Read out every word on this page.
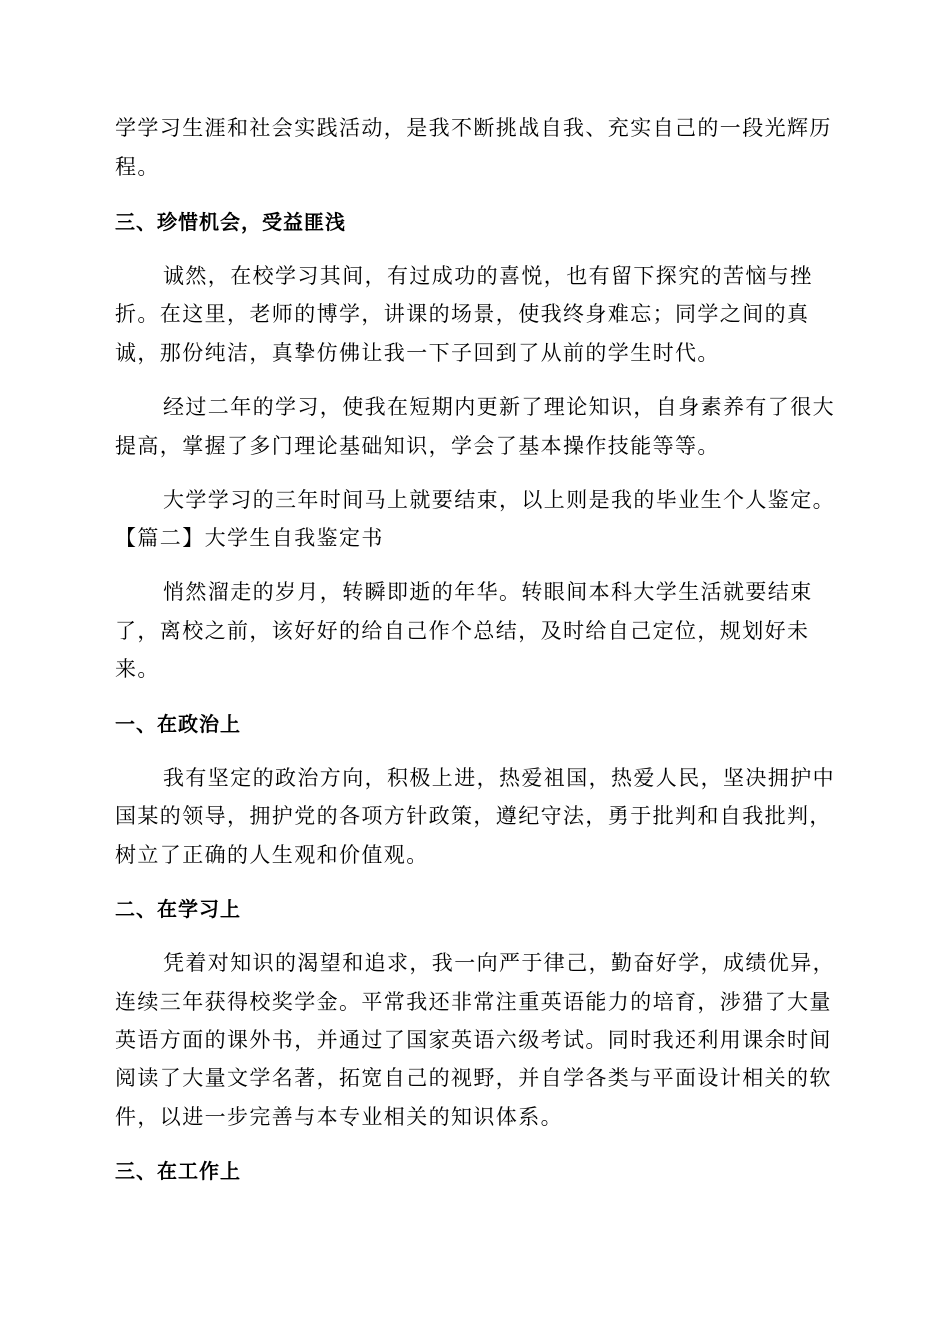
学学习生涯和社会实践活动，是我不断挑战自我、充实自己的一段光辉历
程。
三、珍惜机会，受益匪浅
诚然，在校学习其间，有过成功的喜悦，也有留下探究的苦恼与挫
折。在这里，老师的博学，讲课的场景，使我终身难忘；同学之间的真
诚，那份纯洁，真挚仿佛让我一下子回到了从前的学生时代。
经过二年的学习，使我在短期内更新了理论知识，自身素养有了很大
提高，掌握了多门理论基础知识，学会了基本操作技能等等。
大学学习的三年时间马上就要结束，以上则是我的毕业生个人鉴定。
【篇二】大学生自我鉴定书
悄然溜走的岁月，转瞬即逝的年华。转眼间本科大学生活就要结束
了，离校之前，该好好的给自己作个总结，及时给自己定位，规划好未
来。
一、在政治上
我有坚定的政治方向，积极上进，热爱祖国，热爱人民，坚决拥护中
国某的领导，拥护党的各项方针政策，遵纪守法，勇于批判和自我批判，
树立了正确的人生观和价值观。
二、在学习上
凭着对知识的渴望和追求，我一向严于律己，勤奋好学，成绩优异，
连续三年获得校奖学金。平常我还非常注重英语能力的培育，涉猎了大量
英语方面的课外书，并通过了国家英语六级考试。同时我还利用课余时间
阅读了大量文学名著，拓宽自己的视野，并自学各类与平面设计相关的软
件，以进一步完善与本专业相关的知识体系。
三、在工作上
